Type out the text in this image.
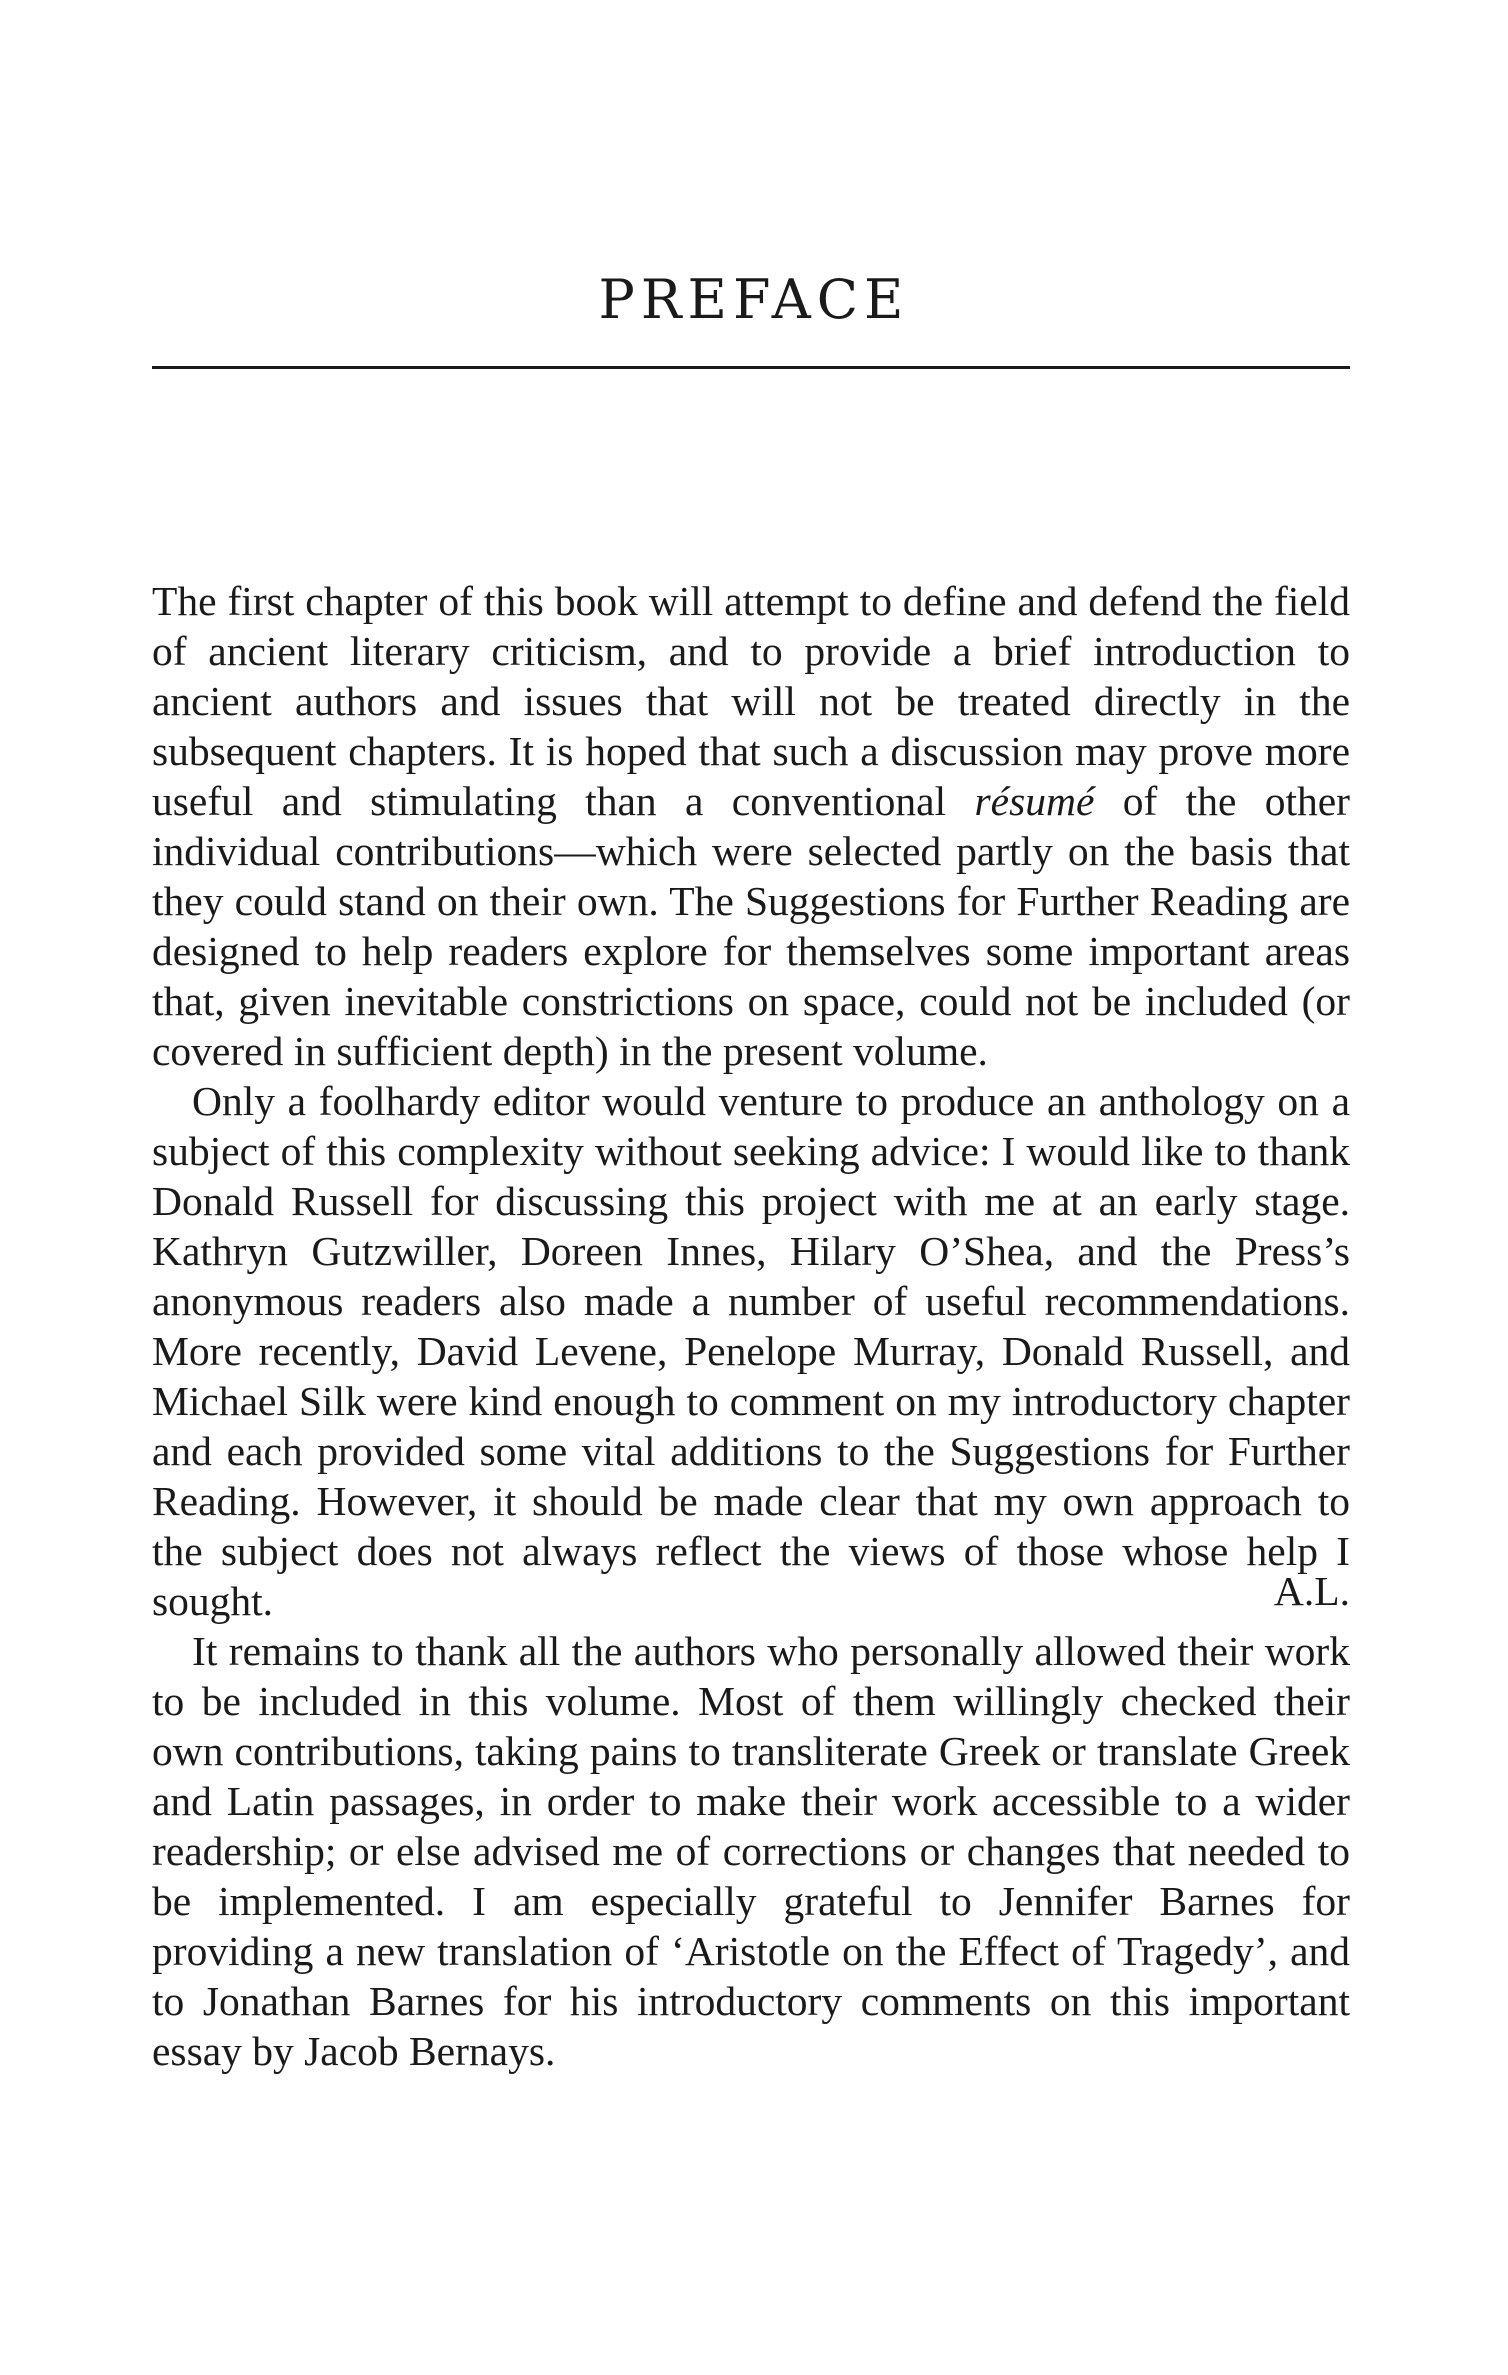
PREFACE

The first chapter of this book will attempt to define and defend the field of ancient literary criticism, and to provide a brief introduction to ancient authors and issues that will not be treated directly in the subsequent chapters. It is hoped that such a discussion may prove more useful and stimulating than a conventional résumé of the other individual contributions—which were selected partly on the basis that they could stand on their own. The Suggestions for Further Reading are designed to help readers explore for themselves some important areas that, given inevitable constrictions on space, could not be included (or covered in sufficient depth) in the present volume.

Only a foolhardy editor would venture to produce an anthology on a subject of this complexity without seeking advice: I would like to thank Donald Russell for discussing this project with me at an early stage. Kathryn Gutzwiller, Doreen Innes, Hilary O’Shea, and the Press’s anonymous readers also made a number of useful recommendations. More recently, David Levene, Penelope Murray, Donald Russell, and Michael Silk were kind enough to comment on my introductory chapter and each provided some vital additions to the Suggestions for Further Reading. However, it should be made clear that my own approach to the subject does not always reflect the views of those whose help I sought.

It remains to thank all the authors who personally allowed their work to be included in this volume. Most of them willingly checked their own contributions, taking pains to transliterate Greek or translate Greek and Latin passages, in order to make their work accessible to a wider readership; or else advised me of corrections or changes that needed to be implemented. I am especially grateful to Jennifer Barnes for providing a new translation of ‘Aristotle on the Effect of Tragedy’, and to Jonathan Barnes for his introductory comments on this important essay by Jacob Bernays.

A.L.
